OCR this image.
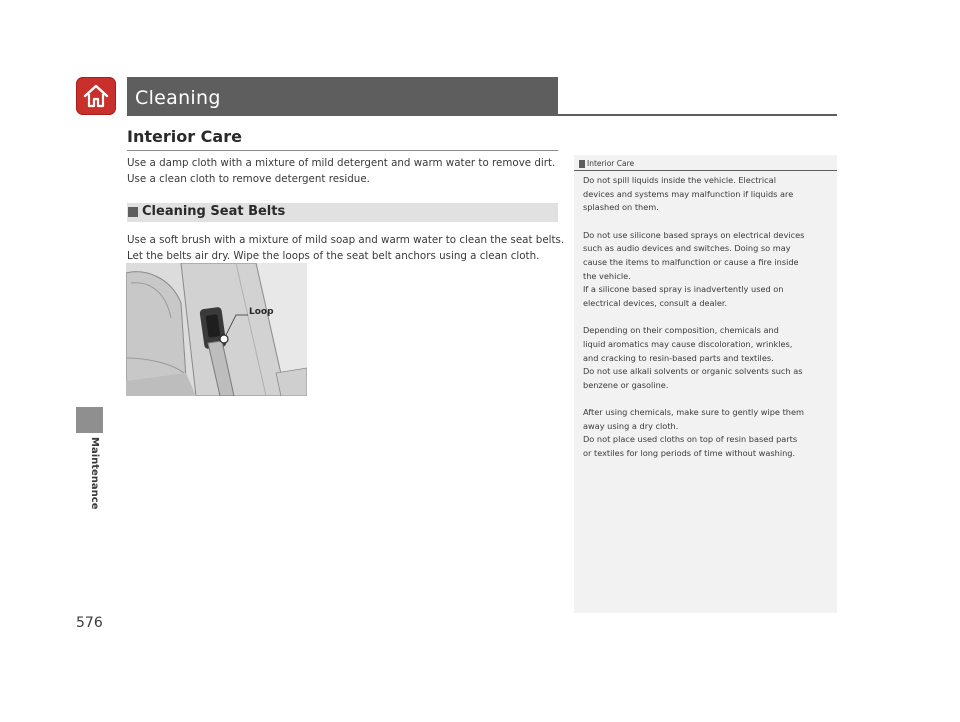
Cleaning
Maintenance
576
Interior Care
Use a damp cloth with a mixture of mild detergent and warm water to remove dirt.
Use a clean cloth to remove detergent residue.
Cleaning Seat Belts
Use a soft brush with a mixture of mild soap and warm water to clean the seat belts.
Let the belts air dry. Wipe the loops of the seat belt anchors using a clean cloth.
Loop
Interior Care
Do not spill liquids inside the vehicle. Electrical
devices and systems may malfunction if liquids are
splashed on them.

Do not use silicone based sprays on electrical devices
such as audio devices and switches. Doing so may
cause the items to malfunction or cause a fire inside
the vehicle.
If a silicone based spray is inadvertently used on
electrical devices, consult a dealer.

Depending on their composition, chemicals and
liquid aromatics may cause discoloration, wrinkles,
and cracking to resin-based parts and textiles.
Do not use alkali solvents or organic solvents such as
benzene or gasoline.

After using chemicals, make sure to gently wipe them
away using a dry cloth.
Do not place used cloths on top of resin based parts
or textiles for long periods of time without washing.
